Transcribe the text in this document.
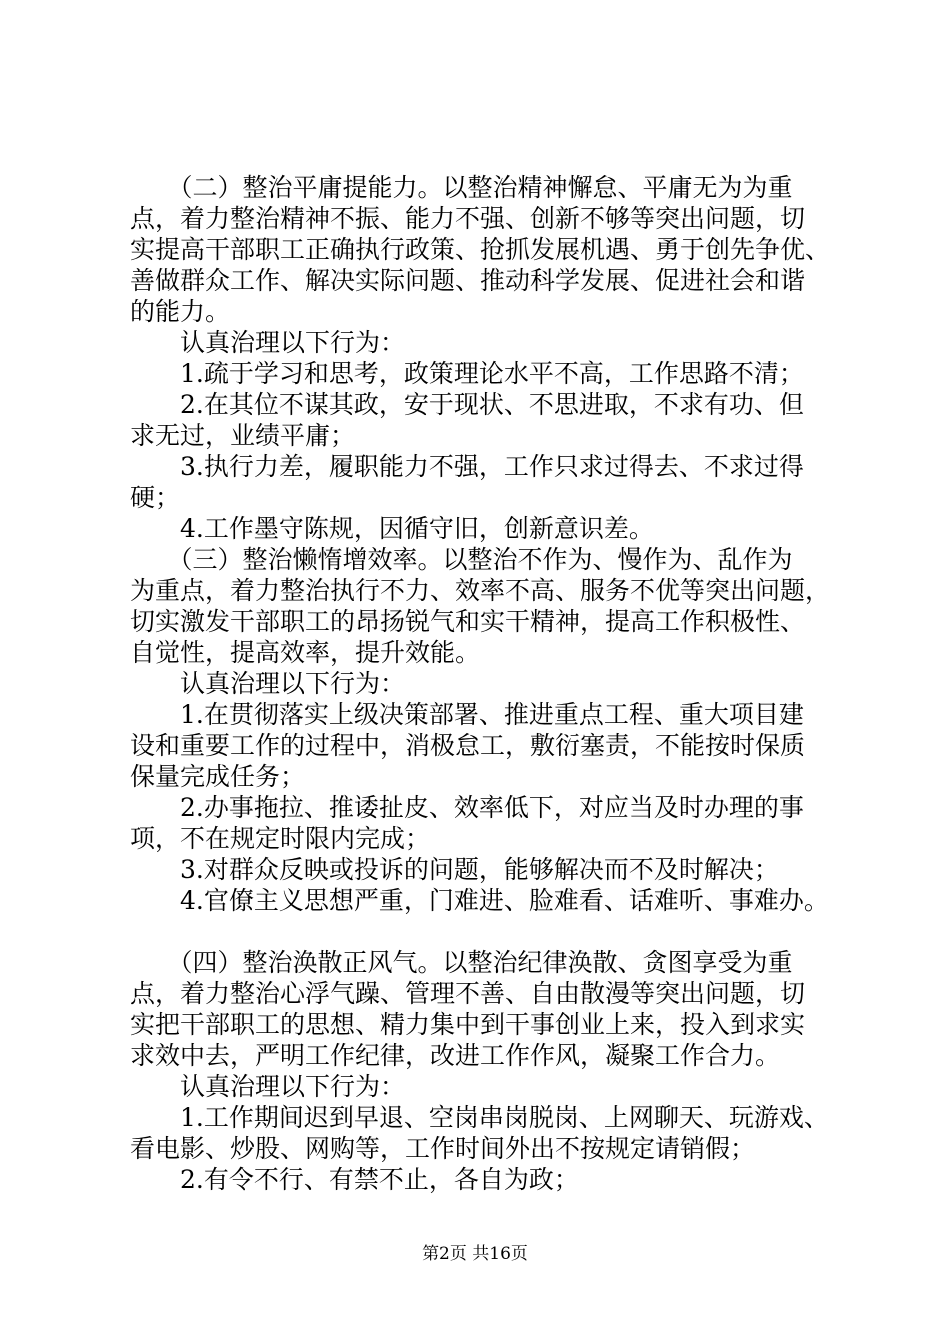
　　（二）整治平庸提能力。以整治精神懈怠、平庸无为为重
点，着力整治精神不振、能力不强、创新不够等突出问题，切
实提高干部职工正确执行政策、抢抓发展机遇、勇于创先争优、
善做群众工作、解决实际问题、推动科学发展、促进社会和谐
的能力。
　　认真治理以下行为：
　　1.疏于学习和思考，政策理论水平不高，工作思路不清；
　　2.在其位不谋其政，安于现状、不思进取，不求有功、但
求无过，业绩平庸；
　　3.执行力差，履职能力不强，工作只求过得去、不求过得
硬；
　　4.工作墨守陈规，因循守旧，创新意识差。
　　（三）整治懒惰增效率。以整治不作为、慢作为、乱作为
为重点，着力整治执行不力、效率不高、服务不优等突出问题，
切实激发干部职工的昂扬锐气和实干精神，提高工作积极性、
自觉性，提高效率，提升效能。
　　认真治理以下行为：
　　1.在贯彻落实上级决策部署、推进重点工程、重大项目建
设和重要工作的过程中，消极怠工，敷衍塞责，不能按时保质
保量完成任务；
　　2.办事拖拉、推诿扯皮、效率低下，对应当及时办理的事
项，不在规定时限内完成；
　　3.对群众反映或投诉的问题，能够解决而不及时解决；
　　4.官僚主义思想严重，门难进、脸难看、话难听、事难办。
　　（四）整治涣散正风气。以整治纪律涣散、贪图享受为重
点，着力整治心浮气躁、管理不善、自由散漫等突出问题，切
实把干部职工的思想、精力集中到干事创业上来，投入到求实
求效中去，严明工作纪律，改进工作作风，凝聚工作合力。
　　认真治理以下行为：
　　1.工作期间迟到早退、空岗串岗脱岗、上网聊天、玩游戏、
看电影、炒股、网购等，工作时间外出不按规定请销假；
　　2.有令不行、有禁不止，各自为政；
第2页 共16页
